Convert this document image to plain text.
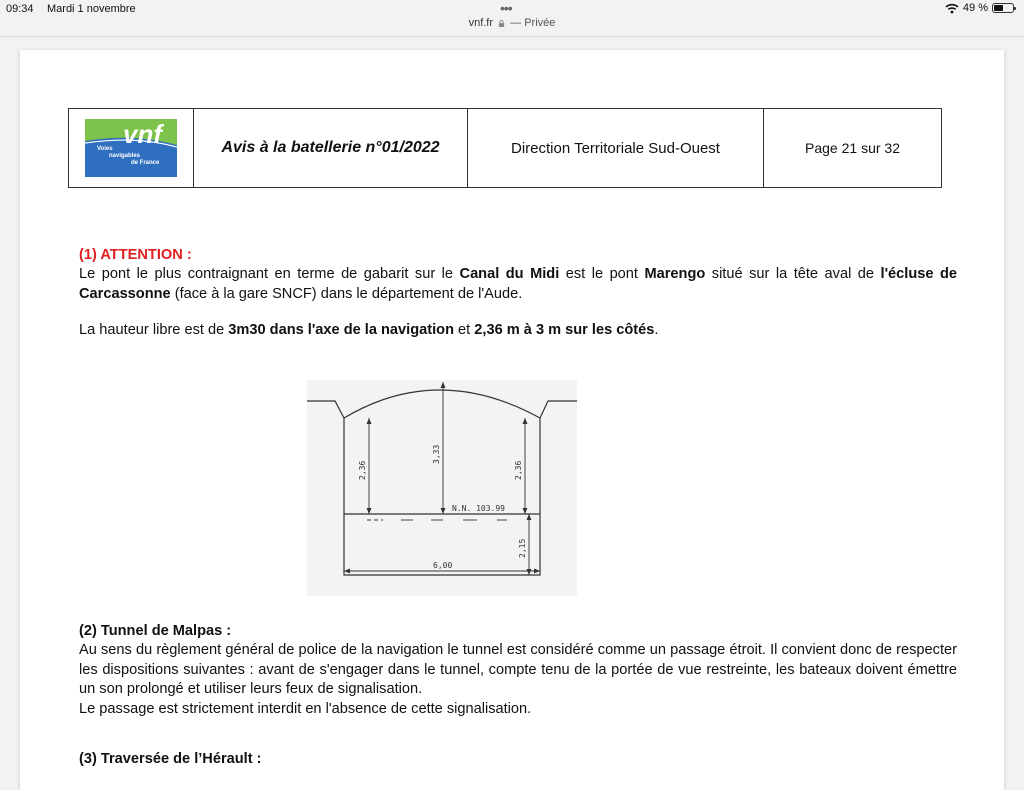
09:34 Mardi 1 novembre	•••	49 %
vnf.fr — Privée
vnf
Voies
navigables
de France
Avis à la batellerie n°01/2022	Direction Territoriale Sud-Ouest	Page 21 sur 32
(1) ATTENTION :
Le pont le plus contraignant en terme de gabarit sur le Canal du Midi est le pont Marengo situé sur la tête aval de l'écluse de Carcassonne (face à la gare SNCF) dans le département de l'Aude.
La hauteur libre est de 3m30 dans l'axe de la navigation et 2,36 m à 3 m sur les côtés.
2,36
3,33
2,36
N.N. 103.99
2,15
6,00
(2) Tunnel de Malpas :
Au sens du règlement général de police de la navigation le tunnel est considéré comme un passage étroit. Il convient donc de respecter les dispositions suivantes : avant de s'engager dans le tunnel, compte tenu de la portée de vue restreinte, les bateaux doivent émettre un son prolongé et utiliser leurs feux de signalisation.
Le passage est strictement interdit en l'absence de cette signalisation.
(3) Traversée de l’Hérault :
